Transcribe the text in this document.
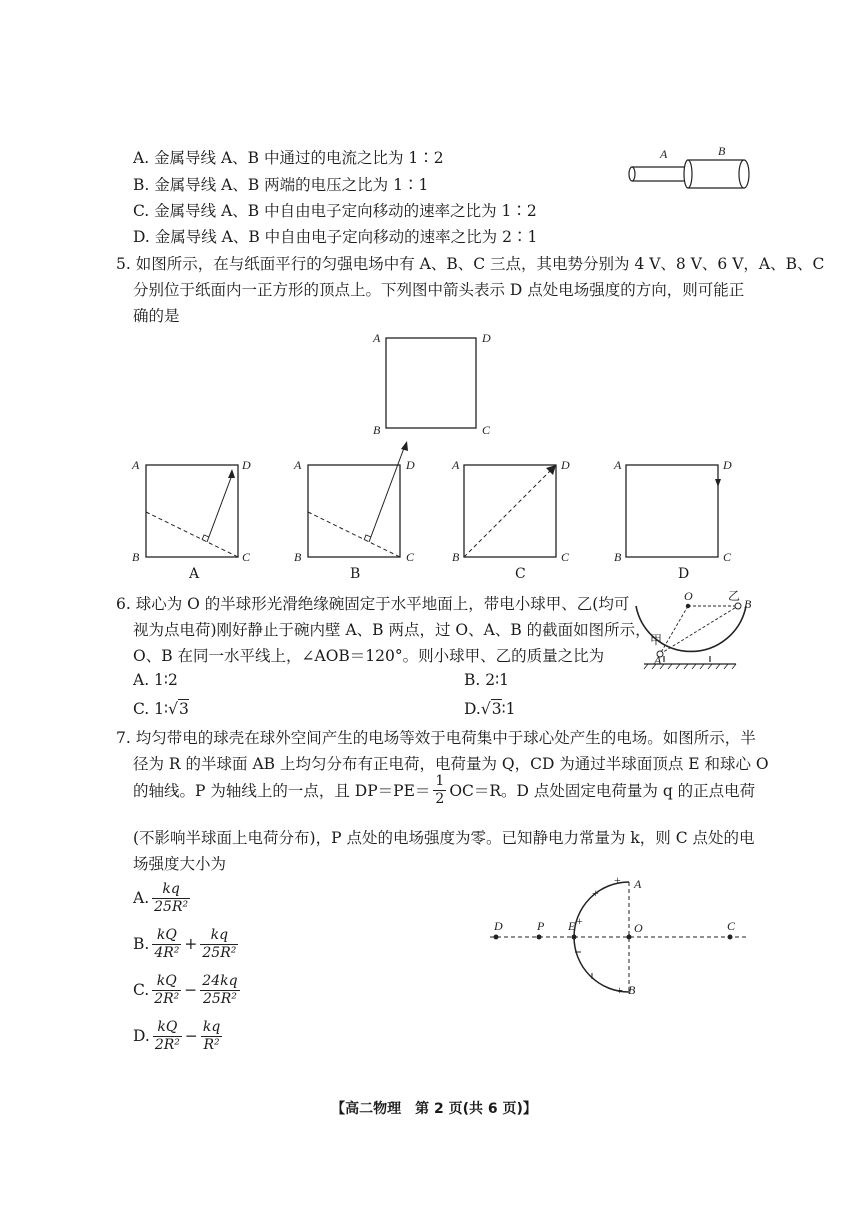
A. 金属导线 A、B 中通过的电流之比为 1∶2
B. 金属导线 A、B 两端的电压之比为 1∶1
C. 金属导线 A、B 中自由电子定向移动的速率之比为 1∶2
D. 金属导线 A、B 中自由电子定向移动的速率之比为 2∶1
A	B
5. 如图所示，在与纸面平行的匀强电场中有 A、B、C 三点，其电势分别为 4 V、8 V、6 V，A、B、C
分别位于纸面内一正方形的顶点上。下列图中箭头表示 D 点处电场强度的方向，则可能正
确的是
A	D
B	C
A	D
B	C
A
A	D
B	C
B
A	D
B	C
C
A	D
B	C
D
6. 球心为 O 的半球形光滑绝缘碗固定于水平地面上，带电小球甲、乙(均可
视为点电荷)刚好静止于碗内壁 A、B 两点，过 O、A、B 的截面如图所示，
O、B 在同一水平线上，∠AOB＝120°。则小球甲、乙的质量之比为
A. 1∶2	B. 2∶1
C. 1∶√3	D.√3∶1
O	乙
B
甲
A
7. 均匀带电的球壳在球外空间产生的电场等效于电荷集中于球心处产生的电场。如图所示，半
径为 R 的半球面 AB 上均匀分布有正电荷，电荷量为 Q，CD 为通过半球面顶点 E 和球心 O
的轴线。P 为轴线上的一点，且 $DP=PE= \frac{1}{2} OC=R$。D 点处固定电荷量为 q 的正点电荷
(不影响半球面上电荷分布)，P 点处的电场强度为零。已知静电力常量为 k，则 C 点处的电
场强度大小为
A. $\frac{kq}{\text{25R²}}$
B. $\frac{kQ}{\text{4R²}} + \frac{kq}{\text{25R²}}$
C. $\frac{kQ}{\text{2R²}} - \frac{24kq}{\text{25R²}}$
D. $\frac{kQ}{\text{2R²}} - \frac{kq}{\text{R²}}$
D	P E	O	C
A
B
+
+
+
+
【高二物理　第 2 页(共 6 页)】
